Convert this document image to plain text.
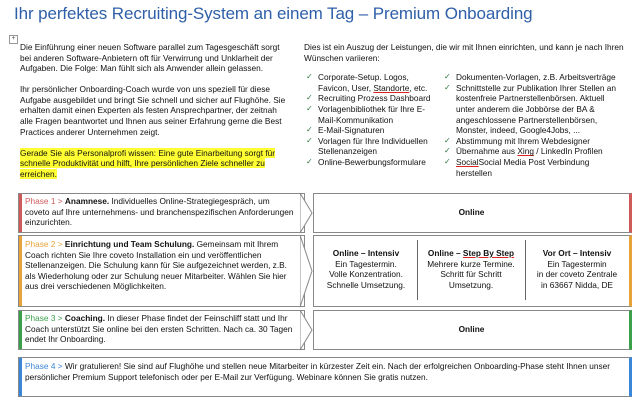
Ihr perfektes Recruiting-System an einem Tag – Premium Onboarding
+

Die Einführung einer neuen Software parallel zum Tagesgeschäft sorgt bei anderen Software-Anbietern oft für Verwirrung und Unklarheit der Aufgaben. Die Folge: Man fühlt sich als Anwender allein gelassen.

Ihr persönlicher Onboarding-Coach wurde von uns speziell für diese Aufgabe ausgebildet und bringt Sie schnell und sicher auf Flughöhe. Sie erhalten damit einen Experten als festen Ansprechpartner, der zeitnah alle Fragen beantwortet und Ihnen aus seiner Erfahrung gerne die Best Practices anderer Unternehmen zeigt.

Gerade Sie als Personalprofi wissen: Eine gute Einarbeitung sorgt für schnelle Produktivität und hilft, Ihre persönlichen Ziele schneller zu erreichen.

Dies ist ein Auszug der Leistungen, die wir mit Ihnen einrichten, und kann je nach Ihren Wünschen variieren:

✓ Corporate-Setup. Logos, Favicon, User, Standorte, etc.
✓ Recruiting Prozess Dashboard
✓ Vorlagenbibliothek für Ihre E-Mail-Kommunikation
✓ E-Mail-Signaturen
✓ Vorlagen für Ihre Individuellen Stellenanzeigen
✓ Online-Bewerbungsformulare
✓ Dokumenten-Vorlagen, z.B. Arbeitsverträge
✓ Schnittstelle zur Publikation Ihrer Stellen an kostenfreie Partnerstellenbörsen. Aktuell unter anderem die Jobbörse der BA & angeschlossene Partnerstellenbörsen, Monster, indeed, Google4Jobs, ...
✓ Abstimmung mit Ihrem Webdesigner
✓ Übernahme aus Xing / LinkedIn Profilen
✓ SocialSocial Media Post Verbindung herstellen
Phase 1 > Anamnese. Individuelles Online-Strategiegespräch, um coveto auf Ihre unternehmens- und branchenspezifischen Anforderungen einzurichten.
Online
Phase 2 > Einrichtung und Team Schulung. Gemeinsam mit Ihrem Coach richten Sie Ihre coveto Installation ein und veröffentlichen Stellenanzeigen. Die Schulung kann für Sie aufgezeichnet werden, z.B. als Wiederholung oder zur Schulung neuer Mitarbeiter. Wählen Sie hier aus drei verschiedenen Möglichkeiten.
Online – Intensiv
Ein Tagestermin.
Volle Konzentration.
Schnelle Umsetzung.
Online – Step By Step
Mehrere kurze Termine.
Schritt für Schritt
Umsetzung.
Vor Ort – Intensiv
Ein Tagestermin
in der coveto Zentrale
in 63667 Nidda, DE
Phase 3 > Coaching. In dieser Phase findet der Feinschliff statt und Ihr Coach unterstützt Sie online bei den ersten Schritten. Nach ca. 30 Tagen endet Ihr Onboarding.
Online
Phase 4 > Wir gratulieren! Sie sind auf Flughöhe und stellen neue Mitarbeiter in kürzester Zeit ein. Nach der erfolgreichen Onboarding-Phase steht Ihnen unser persönlicher Premium Support telefonisch oder per E-Mail zur Verfügung. Webinare können Sie gratis nutzen.
